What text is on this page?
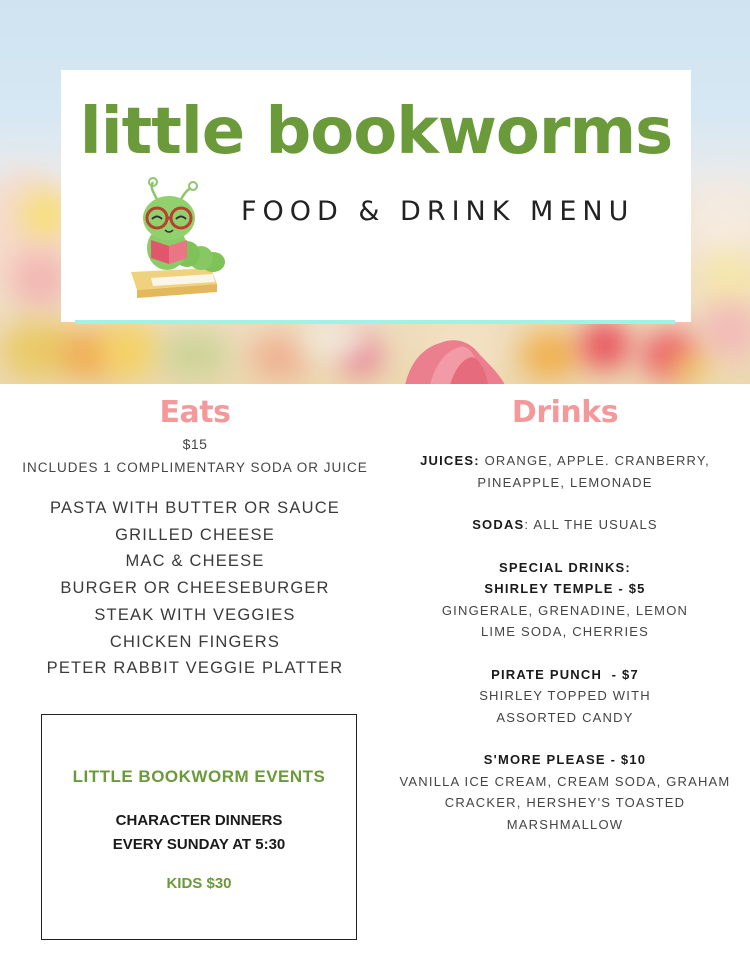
little bookworms
FOOD & DRINK MENU
Eats
$15
INCLUDES 1 COMPLIMENTARY SODA OR JUICE
PASTA WITH BUTTER OR SAUCE
GRILLED CHEESE
MAC & CHEESE
BURGER OR CHEESEBURGER
STEAK WITH VEGGIES
CHICKEN FINGERS
PETER RABBIT VEGGIE PLATTER
LITTLE BOOKWORM EVENTS
CHARACTER DINNERS
EVERY SUNDAY AT 5:30
KIDS $30
Drinks
JUICES: ORANGE, APPLE. CRANBERRY,
PINEAPPLE, LEMONADE
SODAS: ALL THE USUALS
SPECIAL DRINKS:
SHIRLEY TEMPLE - $5
GINGERALE, GRENADINE, LEMON
LIME SODA, CHERRIES
PIRATE PUNCH  - $7
SHIRLEY TOPPED WITH
ASSORTED CANDY
S'MORE PLEASE - $10
VANILLA ICE CREAM, CREAM SODA, GRAHAM
CRACKER, HERSHEY'S TOASTED
MARSHMALLOW
